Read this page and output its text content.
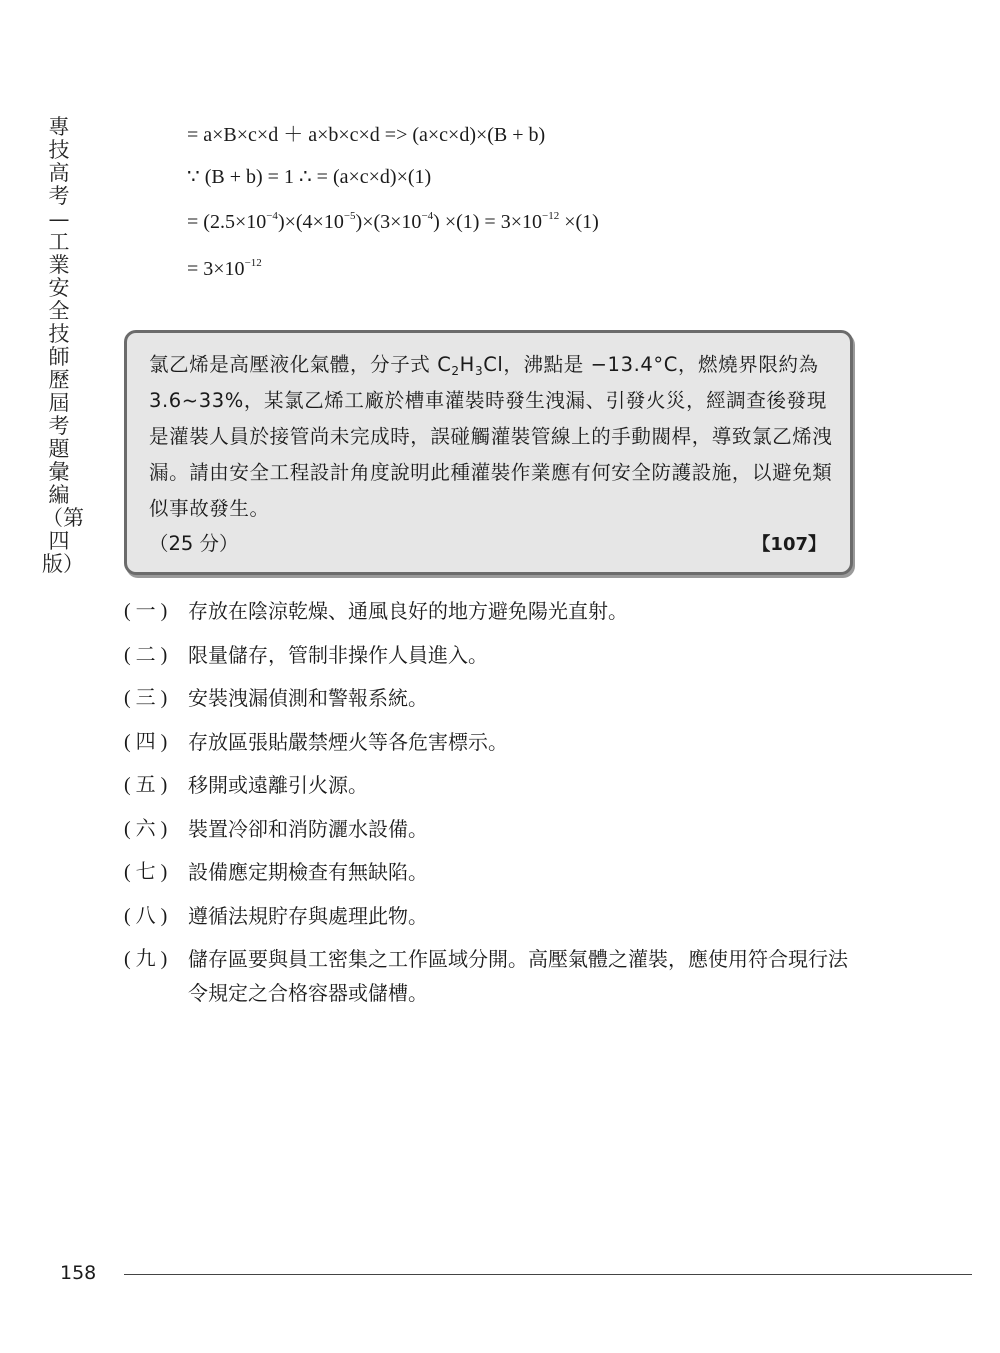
專技高考—工業安全技師歷屆考題彙編（第四版）
= a×B×c×d ＋ a×b×c×d => (a×c×d)×(B + b)
∵ (B + b) = 1 ∴ = (a×c×d)×(1)
= $(2.5\times 10^{-4})\times(4\times 10^{-5})\times(3\times 10^{-4}) \times(1) = 3\times 10^{-12} \times(1)$
= $3\times 10^{-12}$
氯乙烯是高壓液化氣體，分子式 $C_2H_3Cl$，沸點是 −13.4°C，燃燒界限約為 3.6~33%，某氯乙烯工廠於槽車灌裝時發生洩漏、引發火災，經調查後發現是灌裝人員於接管尚未完成時，誤碰觸灌裝管線上的手動閥桿，導致氯乙烯洩漏。請由安全工程設計角度說明此種灌裝作業應有何安全防護設施，以避免類似事故發生。
（25 分）	【107】
( 一 )	存放在陰涼乾燥、通風良好的地方避免陽光直射。
( 二 )	限量儲存，管制非操作人員進入。
( 三 )	安裝洩漏偵測和警報系統。
( 四 )	存放區張貼嚴禁煙火等各危害標示。
( 五 )	移開或遠離引火源。
( 六 )	裝置冷卻和消防灑水設備。
( 七 )	設備應定期檢查有無缺陷。
( 八 )	遵循法規貯存與處理此物。
( 九 )	儲存區要與員工密集之工作區域分開。高壓氣體之灌裝，應使用符合現行法令規定之合格容器或儲槽。
158
